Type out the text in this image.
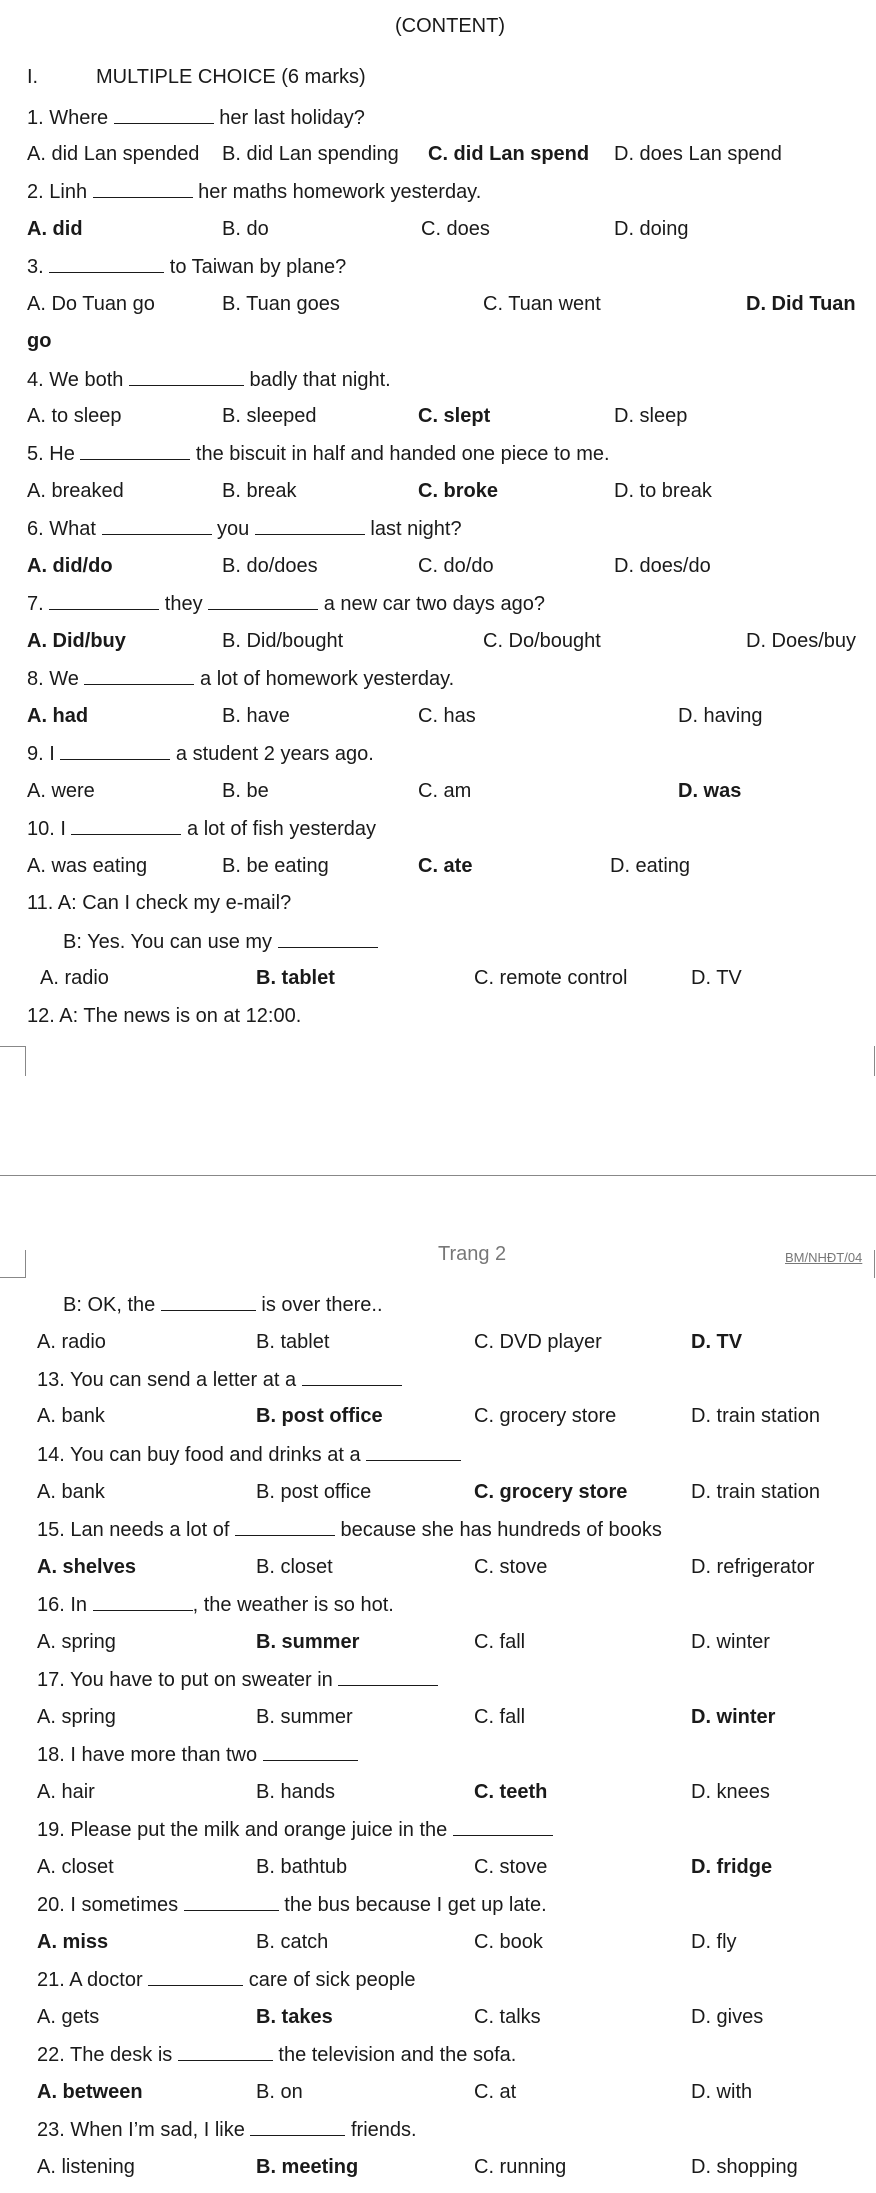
(CONTENT)
I.	MULTIPLE CHOICE (6 marks)
1. Where	her last holiday?
A. did Lan spended B. did Lan spending C. did Lan spend D. does Lan spend
2. Linh	her maths homework yesterday.
A. did	B. do	C. does	D. doing
3.	to Taiwan by plane?
A. Do Tuan go	B. Tuan goes	C. Tuan went	D. Did Tuan
go
4. We both	badly that night.
A. to sleep	B. sleeped	C. slept	D. sleep
5. He	the biscuit in half and handed one piece to me.
A. breaked	B. break	C. broke	D. to break
6. What	you	last night?
A. did/do	B. do/does	C. do/do	D. does/do
7.	they	a new car two days ago?
A. Did/buy	B. Did/bought	C. Do/bought	D. Does/buy
8. We	a lot of homework yesterday.
A. had	B. have	C. has	D. having
9. I	a student 2 years ago.
A. were	B. be	C. am	D. was
10. I	a lot of fish yesterday
A. was eating	B. be eating	C. ate	D. eating
11. A: Can I check my e-mail?
B: Yes. You can use my
A. radio	B. tablet	C. remote control	D. TV
12. A: The news is on at 12:00.
B: OK, the	is over there..
A. radio	B. tablet	C. DVD player	D. TV
13. You can send a letter at a
A. bank	B. post office	C. grocery store	D. train station
14. You can buy food and drinks at a
A. bank	B. post office	C. grocery store	D. train station
15. Lan needs a lot of	because she has hundreds of books
A. shelves	B. closet	C. stove	D. refrigerator
16. In	, the weather is so hot.
A. spring	B. summer	C. fall	D. winter
17. You have to put on sweater in
A. spring	B. summer	C. fall	D. winter
18. I have more than two
A. hair	B. hands	C. teeth	D. knees
19. Please put the milk and orange juice in the
A. closet	B. bathtub	C. stove	D. fridge
20. I sometimes	the bus because I get up late.
A. miss	B. catch	C. book	D. fly
21. A doctor	care of sick people
A. gets	B. takes	C. talks	D. gives
22. The desk is	the television and the sofa.
A. between	B. on	C. at	D. with
23. When I’m sad, I like	friends.
A. listening	B. meeting	C. running	D. shopping
Trang 2	BM/NHĐT/04
